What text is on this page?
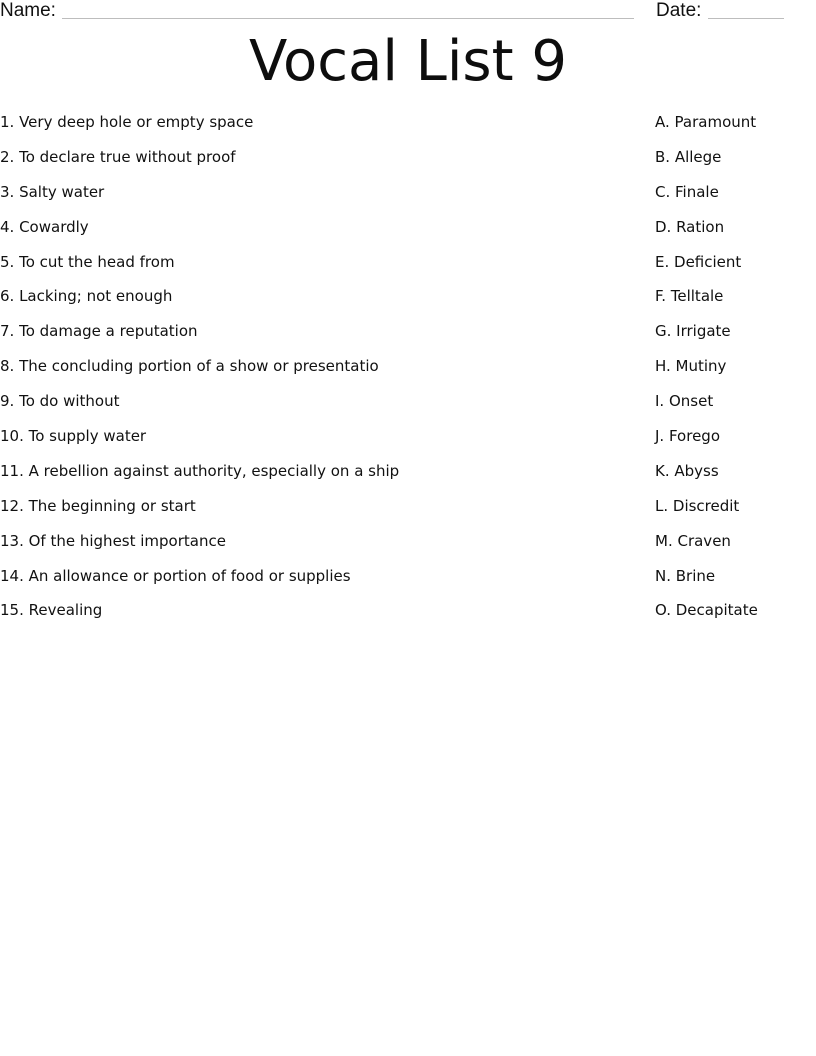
Name:	Date:
Vocal List 9
1. Very deep hole or empty space	A. Paramount
2. To declare true without proof	B. Allege
3. Salty water	C. Finale
4. Cowardly	D. Ration
5. To cut the head from	E. Deficient
6. Lacking; not enough	F. Telltale
7. To damage a reputation	G. Irrigate
8. The concluding portion of a show or presentatio	H. Mutiny
9. To do without	I. Onset
10. To supply water	J. Forego
11. A rebellion against authority, especially on a ship	K. Abyss
12. The beginning or start	L. Discredit
13. Of the highest importance	M. Craven
14. An allowance or portion of food or supplies	N. Brine
15. Revealing	O. Decapitate
